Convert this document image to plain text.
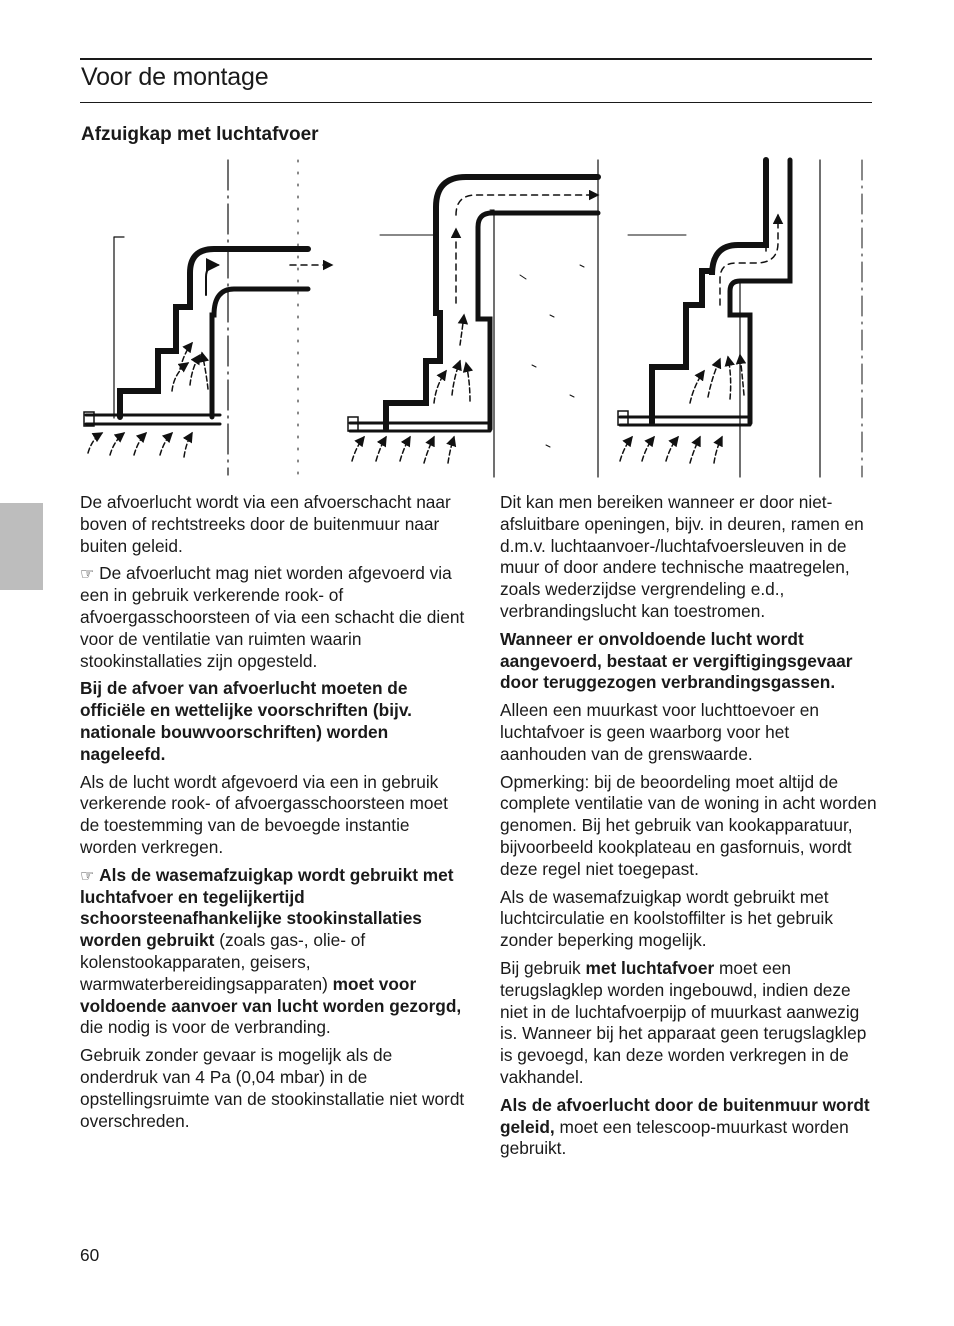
Voor de montage
Afzuigkap met luchtafvoer

De afvoerlucht wordt via een afvoerschacht naar boven of rechtstreeks door de buitenmuur naar buiten geleid.

☞ De afvoerlucht mag niet worden afgevoerd via een in gebruik verkerende rook- of afvoergasschoorsteen of via een schacht die dient voor de ventilatie van ruimten waarin stookinstallaties zijn opgesteld.

Bij de afvoer van afvoerlucht moeten de officiële en wettelijke voorschriften (bijv. nationale bouwvoorschriften) worden nageleefd.

Als de lucht wordt afgevoerd via een in gebruik verkerende rook- of afvoergasschoorsteen moet de toestemming van de bevoegde instantie worden verkregen.

☞ Als de wasemafzuigkap wordt gebruikt met luchtafvoer en tegelijkertijd schoorsteenafhankelijke stookinstallaties worden gebruikt (zoals gas-, olie- of kolenstookapparaten, geisers, warmwaterbereidingsapparaten) moet voor voldoende aanvoer van lucht worden gezorgd, die nodig is voor de verbranding.

Gebruik zonder gevaar is mogelijk als de onderdruk van 4 Pa (0,04 mbar) in de opstellingsruimte van de stookinstallatie niet wordt overschreden.

Dit kan men bereiken wanneer er door niet-afsluitbare openingen, bijv. in deuren, ramen en d.m.v. luchtaanvoer-/luchtafvoersleuven in de muur of door andere technische maatregelen, zoals wederzijdse vergrendeling e.d., verbrandingslucht kan toestromen.

Wanneer er onvoldoende lucht wordt aangevoerd, bestaat er vergiftigingsgevaar door teruggezogen verbrandingsgassen.

Alleen een muurkast voor luchttoevoer en luchtafvoer is geen waarborg voor het aanhouden van de grenswaarde.

Opmerking: bij de beoordeling moet altijd de complete ventilatie van de woning in acht worden genomen. Bij het gebruik van kookapparatuur, bijvoorbeeld kookplateau en gasfornuis, wordt deze regel niet toegepast.

Als de wasemafzuigkap wordt gebruikt met luchtcirculatie en koolstoffilter is het gebruik zonder beperking mogelijk.

Bij gebruik met luchtafvoer moet een terugslagklep worden ingebouwd, indien deze niet in de luchtafvoerpijp of muurkast aanwezig is. Wanneer bij het apparaat geen terugslagklep is gevoegd, kan deze worden verkregen in de vakhandel.

Als de afvoerlucht door de buitenmuur wordt geleid, moet een telescoop-muurkast worden gebruikt.

60
